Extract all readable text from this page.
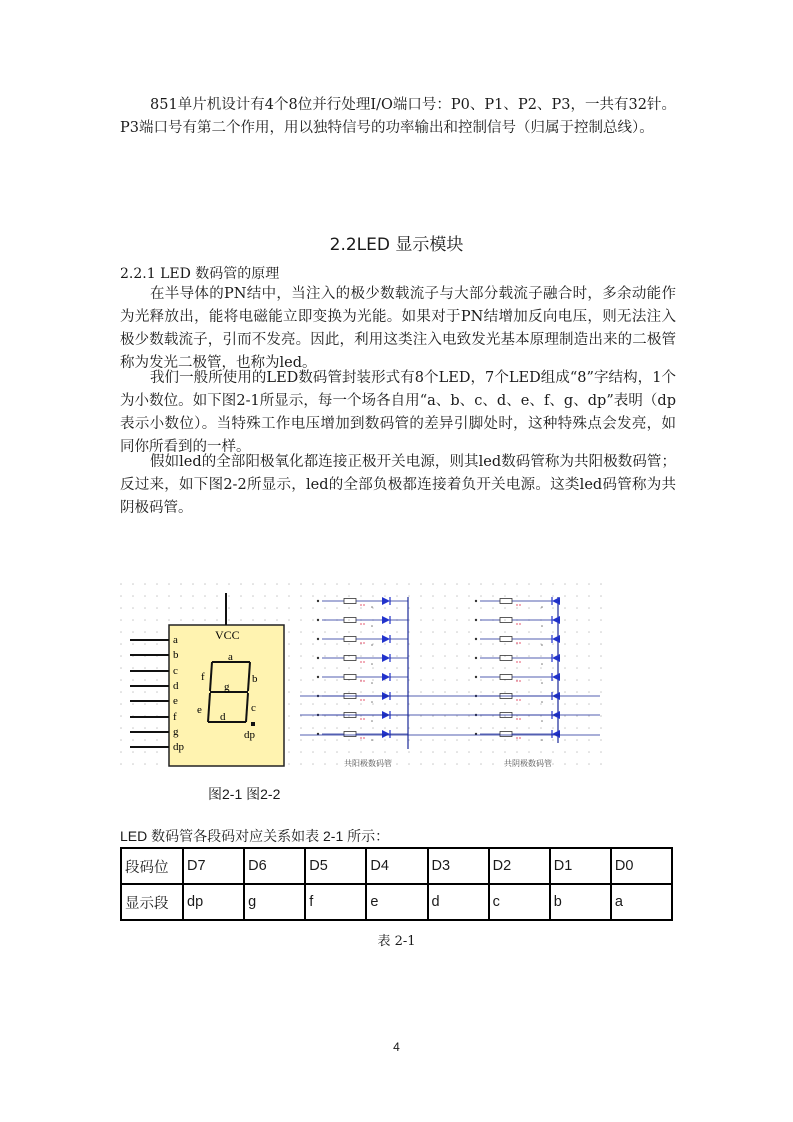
851单片机设计有4个8位并行处理I/O端口号：P0、P1、P2、P3，一共有32针。P3端口号有第二个作用，用以独特信号的功率输出和控制信号（归属于控制总线）。

2.2LED 显示模块

2.2.1 LED 数码管的原理

在半导体的PN结中，当注入的极少数载流子与大部分载流子融合时，多余动能作为光释放出，能将电磁能立即变换为光能。如果对于PN结增加反向电压，则无法注入极少数载流子，引而不发亮。因此，利用这类注入电致发光基本原理制造出来的二极管称为发光二极管，也称为led。

我们一般所使用的LED数码管封装形式有8个LED，7个LED组成“8”字结构，1个为小数位。如下图2-1所显示，每一个场各自用“a、b、c、d、e、f、g、dp”表明（dp表示小数位）。当特殊工作电压增加到数码管的差异引脚处时，这种特殊点会发亮，如同你所看到的一样。

假如led的全部阳极氧化都连接正极开关电源，则其led数码管称为共阳极数码管；反过来，如下图2-2所显示，led的全部负极都连接着负开关电源。这类led码管称为共阴极码管。

VCC
a
b
c
d
e
f
g
dp
a
b
c
d
e
f
g
dp
共阳极数码管	共阴极数码管
图2-1 图2-2
LED 数码管各段码对应关系如表 2-1 所示：
段码位	D7	D6	D5	D4	D3	D2	D1	D0
显示段	dp	g	f	e	d	c	b	a
表 2-1
4
